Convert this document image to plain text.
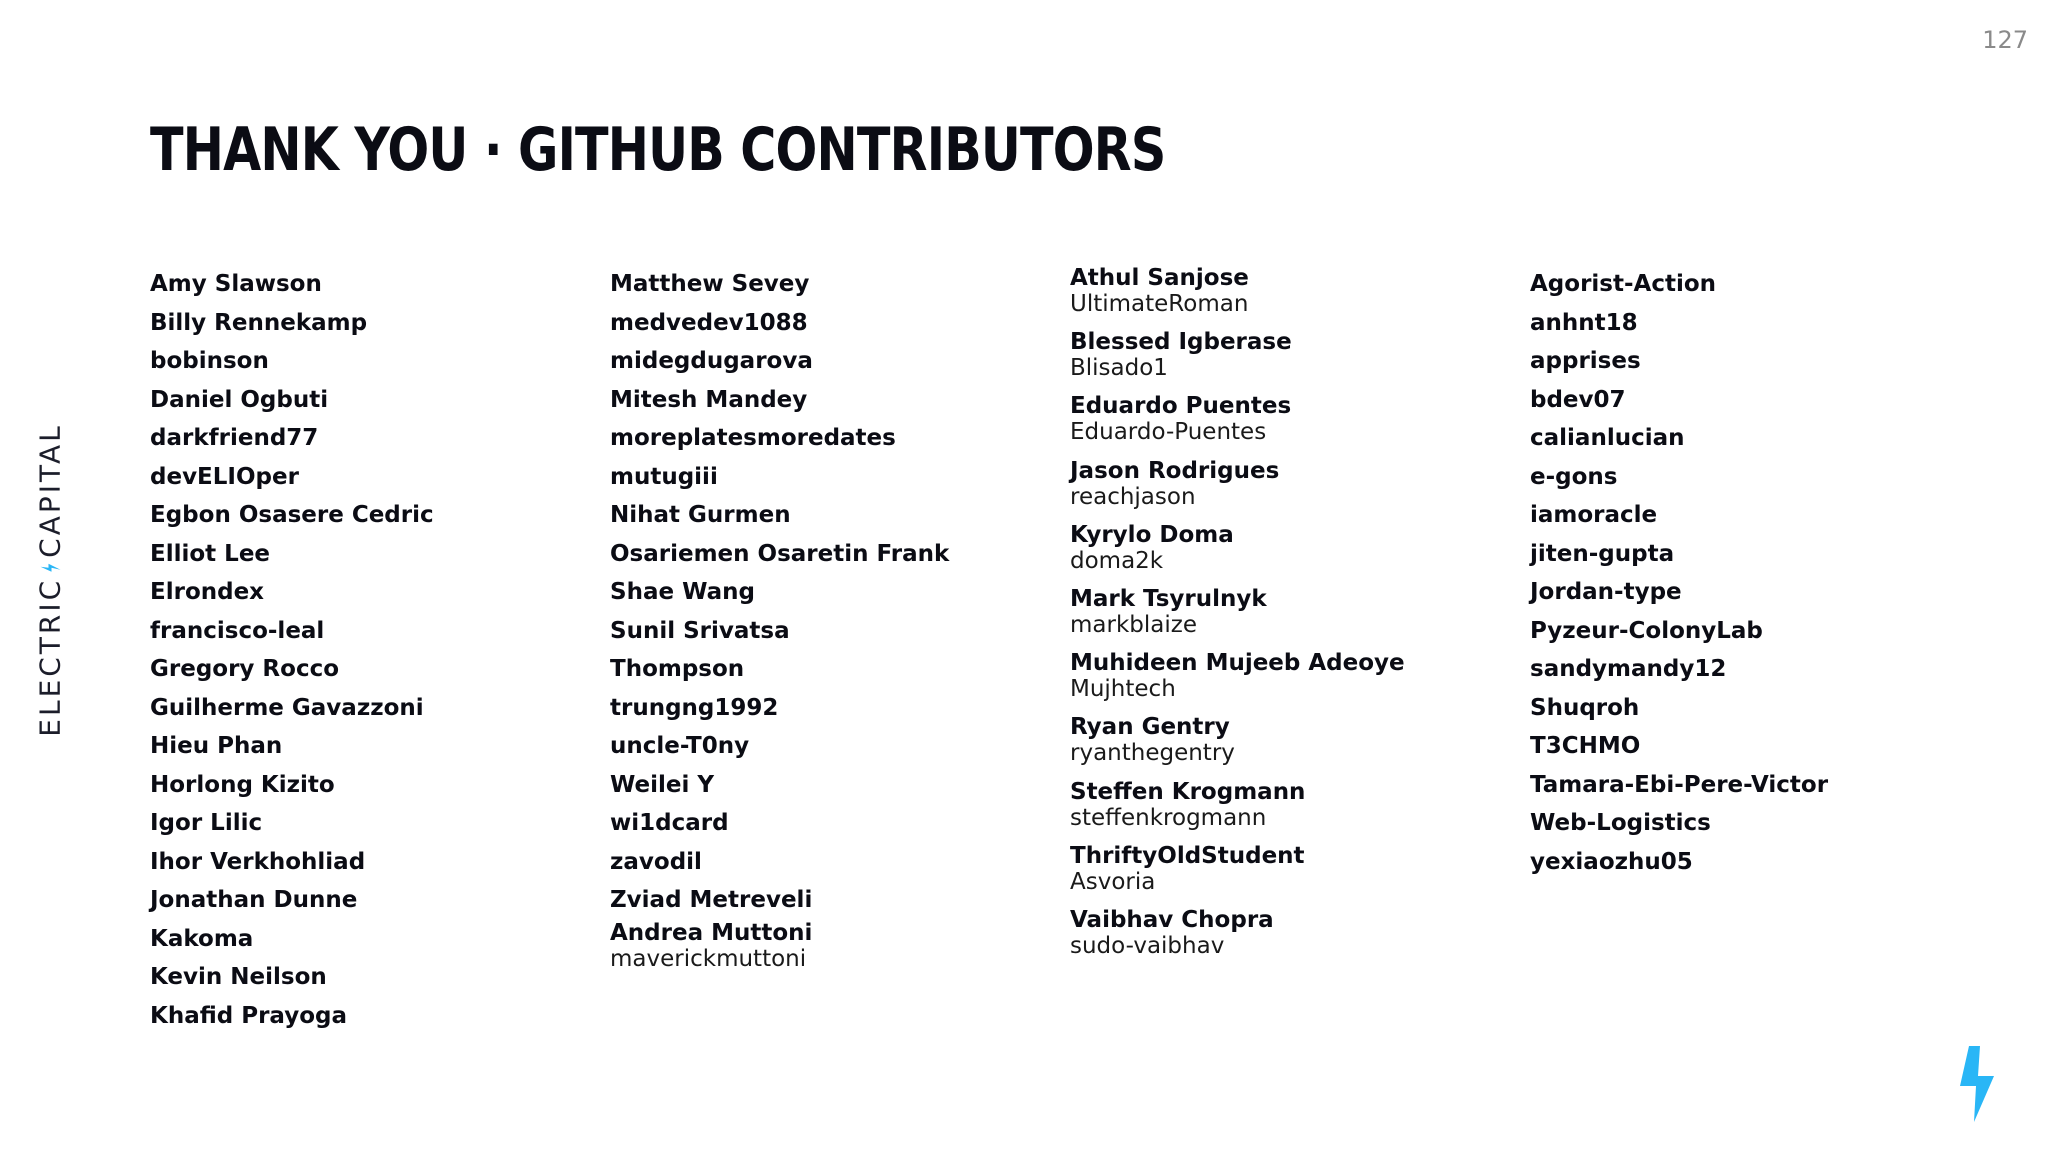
127
THANK YOU · GITHUB CONTRIBUTORS
ELECTRIC
CAPITAL
Amy Slawson
Billy Rennekamp
bobinson
Daniel Ogbuti
darkfriend77
devELIOper
Egbon Osasere Cedric
Elliot Lee
Elrondex
francisco-leal
Gregory Rocco
Guilherme Gavazzoni
Hieu Phan
Horlong Kizito
Igor Lilic
Ihor Verkhohliad
Jonathan Dunne
Kakoma
Kevin Neilson
Khafid Prayoga
Matthew Sevey
medvedev1088
midegdugarova
Mitesh Mandey
moreplatesmoredates
mutugiii
Nihat Gurmen
Osariemen Osaretin Frank
Shae Wang
Sunil Srivatsa
Thompson
trungng1992
uncle-T0ny
Weilei Y
wi1dcard
zavodil
Zviad Metreveli
Andrea Muttoni
maverickmuttoni
Athul Sanjose
UltimateRoman
Blessed Igberase
Blisado1
Eduardo Puentes
Eduardo-Puentes
Jason Rodrigues
reachjason
Kyrylo Doma
doma2k
Mark Tsyrulnyk
markblaize
Muhideen Mujeeb Adeoye
Mujhtech
Ryan Gentry
ryanthegentry
Steffen Krogmann
steffenkrogmann
ThriftyOldStudent
Asvoria
Vaibhav Chopra
sudo-vaibhav
Agorist-Action
anhnt18
apprises
bdev07
calianlucian
e-gons
iamoracle
jiten-gupta
Jordan-type
Pyzeur-ColonyLab
sandymandy12
Shuqroh
T3CHMO
Tamara-Ebi-Pere-Victor
Web-Logistics
yexiaozhu05
